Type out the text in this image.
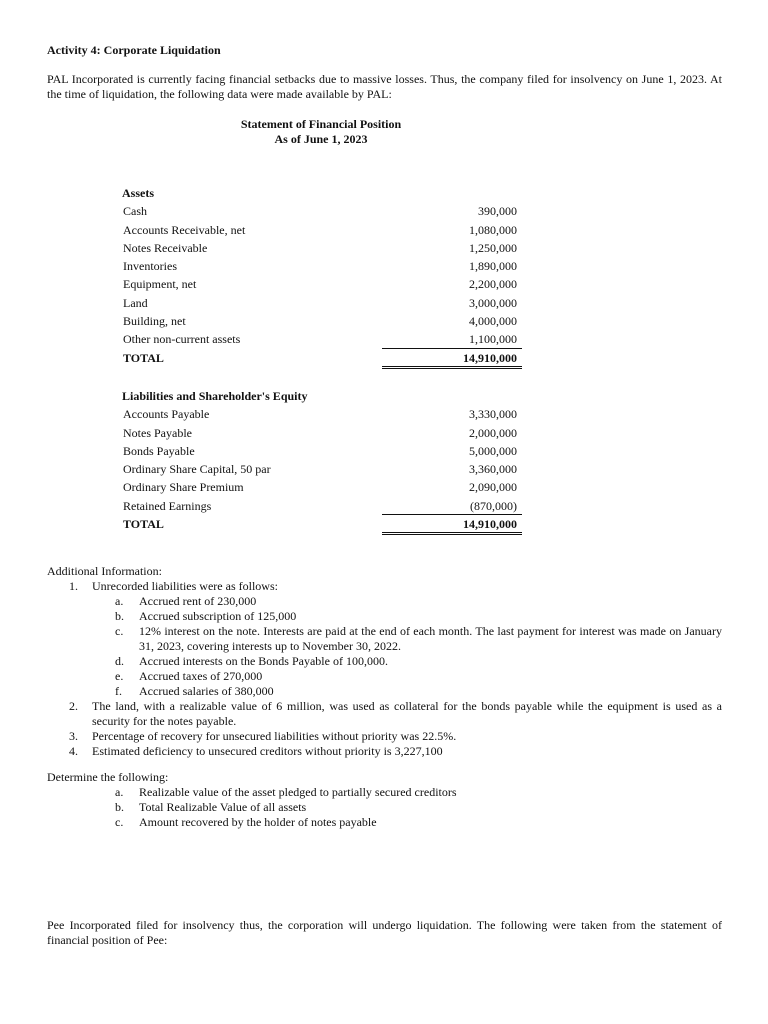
Activity 4: Corporate Liquidation
PAL Incorporated is currently facing financial setbacks due to massive losses. Thus, the company filed for insolvency on June 1, 2023. At the time of liquidation, the following data were made available by PAL:
Statement of Financial Position
As of June 1, 2023
Assets
Cash	390,000
Accounts Receivable, net	1,080,000
Notes Receivable	1,250,000
Inventories	1,890,000
Equipment, net	2,200,000
Land	3,000,000
Building, net	4,000,000
Other non-current assets	1,100,000
TOTAL	14,910,000
Liabilities and Shareholder's Equity
Accounts Payable	3,330,000
Notes Payable	2,000,000
Bonds Payable	5,000,000
Ordinary Share Capital, 50 par	3,360,000
Ordinary Share Premium	2,090,000
Retained Earnings	(870,000)
TOTAL	14,910,000
Additional Information:
1. Unrecorded liabilities were as follows:
a. Accrued rent of 230,000
b. Accrued subscription of 125,000
c. 12% interest on the note. Interests are paid at the end of each month. The last payment for interest was made on January 31, 2023, covering interests up to November 30, 2022.
d. Accrued interests on the Bonds Payable of 100,000.
e. Accrued taxes of 270,000
f. Accrued salaries of 380,000
2. The land, with a realizable value of 6 million, was used as collateral for the bonds payable while the equipment is used as a security for the notes payable.
3. Percentage of recovery for unsecured liabilities without priority was 22.5%.
4. Estimated deficiency to unsecured creditors without priority is 3,227,100
Determine the following:
a. Realizable value of the asset pledged to partially secured creditors
b. Total Realizable Value of all assets
c. Amount recovered by the holder of notes payable
Pee Incorporated filed for insolvency thus, the corporation will undergo liquidation. The following were taken from the statement of financial position of Pee:
